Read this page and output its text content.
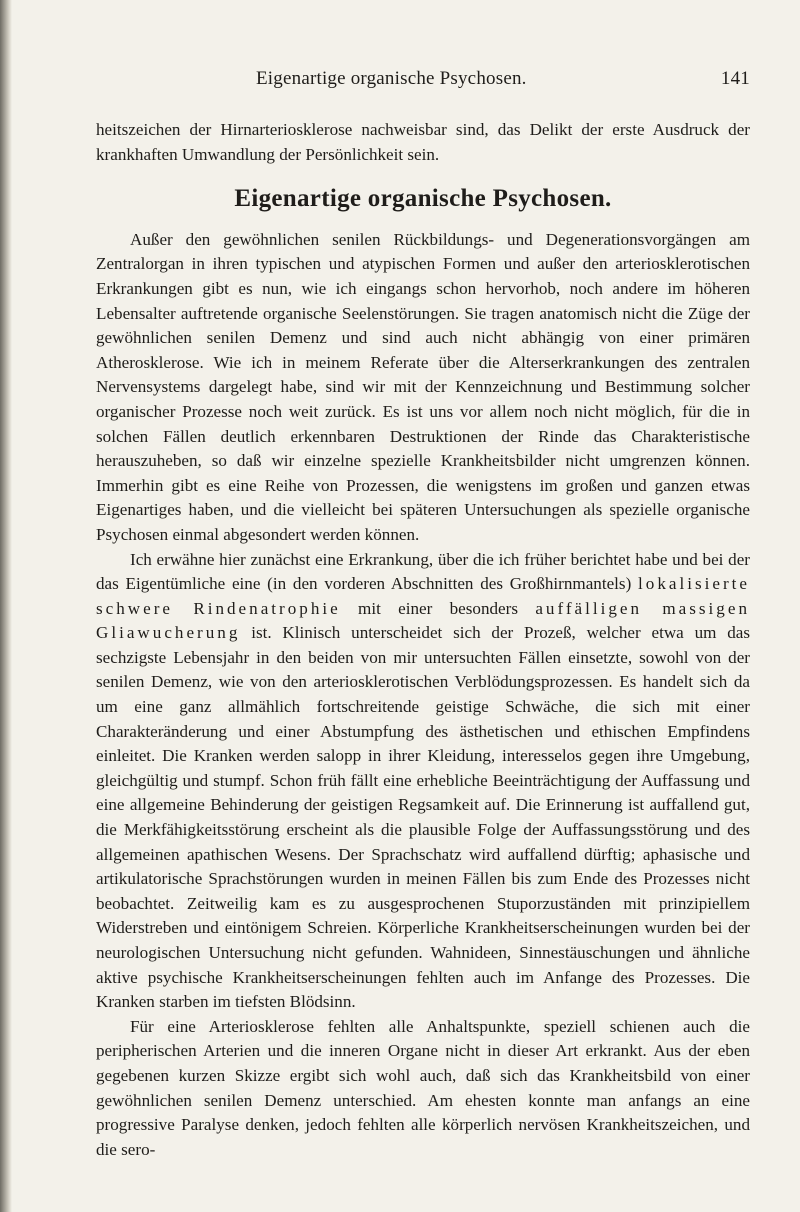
Eigenartige organische Psychosen.	141

heitszeichen der Hirnarteriosklerose nachweisbar sind, das Delikt der erste Ausdruck der krankhaften Umwandlung der Persönlichkeit sein.

Eigenartige organische Psychosen.

Außer den gewöhnlichen senilen Rückbildungs- und Degenerationsvorgängen am Zentralorgan in ihren typischen und atypischen Formen und außer den arteriosklerotischen Erkrankungen gibt es nun, wie ich eingangs schon hervorhob, noch andere im höheren Lebensalter auftretende organische Seelenstörungen. Sie tragen anatomisch nicht die Züge der gewöhnlichen senilen Demenz und sind auch nicht abhängig von einer primären Atherosklerose. Wie ich in meinem Referate über die Alterserkrankungen des zentralen Nervensystems dargelegt habe, sind wir mit der Kennzeichnung und Bestimmung solcher organischer Prozesse noch weit zurück. Es ist uns vor allem noch nicht möglich, für die in solchen Fällen deutlich erkennbaren Destruktionen der Rinde das Charakteristische herauszuheben, so daß wir einzelne spezielle Krankheitsbilder nicht umgrenzen können. Immerhin gibt es eine Reihe von Prozessen, die wenigstens im großen und ganzen etwas Eigenartiges haben, und die vielleicht bei späteren Untersuchungen als spezielle organische Psychosen einmal abgesondert werden können.

Ich erwähne hier zunächst eine Erkrankung, über die ich früher berichtet habe und bei der das Eigentümliche eine (in den vorderen Abschnitten des Großhirnmantels) lokalisierte schwere Rindenatrophie mit einer besonders auffälligen massigen Gliawucherung ist. Klinisch unterscheidet sich der Prozeß, welcher etwa um das sechzigste Lebensjahr in den beiden von mir untersuchten Fällen einsetzte, sowohl von der senilen Demenz, wie von den arteriosklerotischen Verblödungsprozessen. Es handelt sich da um eine ganz allmählich fortschreitende geistige Schwäche, die sich mit einer Charakteränderung und einer Abstumpfung des ästhetischen und ethischen Empfindens einleitet. Die Kranken werden salopp in ihrer Kleidung, interesselos gegen ihre Umgebung, gleichgültig und stumpf. Schon früh fällt eine erhebliche Beeinträchtigung der Auffassung und eine allgemeine Behinderung der geistigen Regsamkeit auf. Die Erinnerung ist auffallend gut, die Merkfähigkeitsstörung erscheint als die plausible Folge der Auffassungsstörung und des allgemeinen apathischen Wesens. Der Sprachschatz wird auffallend dürftig; aphasische und artikulatorische Sprachstörungen wurden in meinen Fällen bis zum Ende des Prozesses nicht beobachtet. Zeitweilig kam es zu ausgesprochenen Stuporzuständen mit prinzipiellem Widerstreben und eintönigem Schreien. Körperliche Krankheitserscheinungen wurden bei der neurologischen Untersuchung nicht gefunden. Wahnideen, Sinnestäuschungen und ähnliche aktive psychische Krankheitserscheinungen fehlten auch im Anfange des Prozesses. Die Kranken starben im tiefsten Blödsinn.

Für eine Arteriosklerose fehlten alle Anhaltspunkte, speziell schienen auch die peripherischen Arterien und die inneren Organe nicht in dieser Art erkrankt. Aus der eben gegebenen kurzen Skizze ergibt sich wohl auch, daß sich das Krankheitsbild von einer gewöhnlichen senilen Demenz unterschied. Am ehesten konnte man anfangs an eine progressive Paralyse denken, jedoch fehlten alle körperlich nervösen Krankheitszeichen, und die sero-
